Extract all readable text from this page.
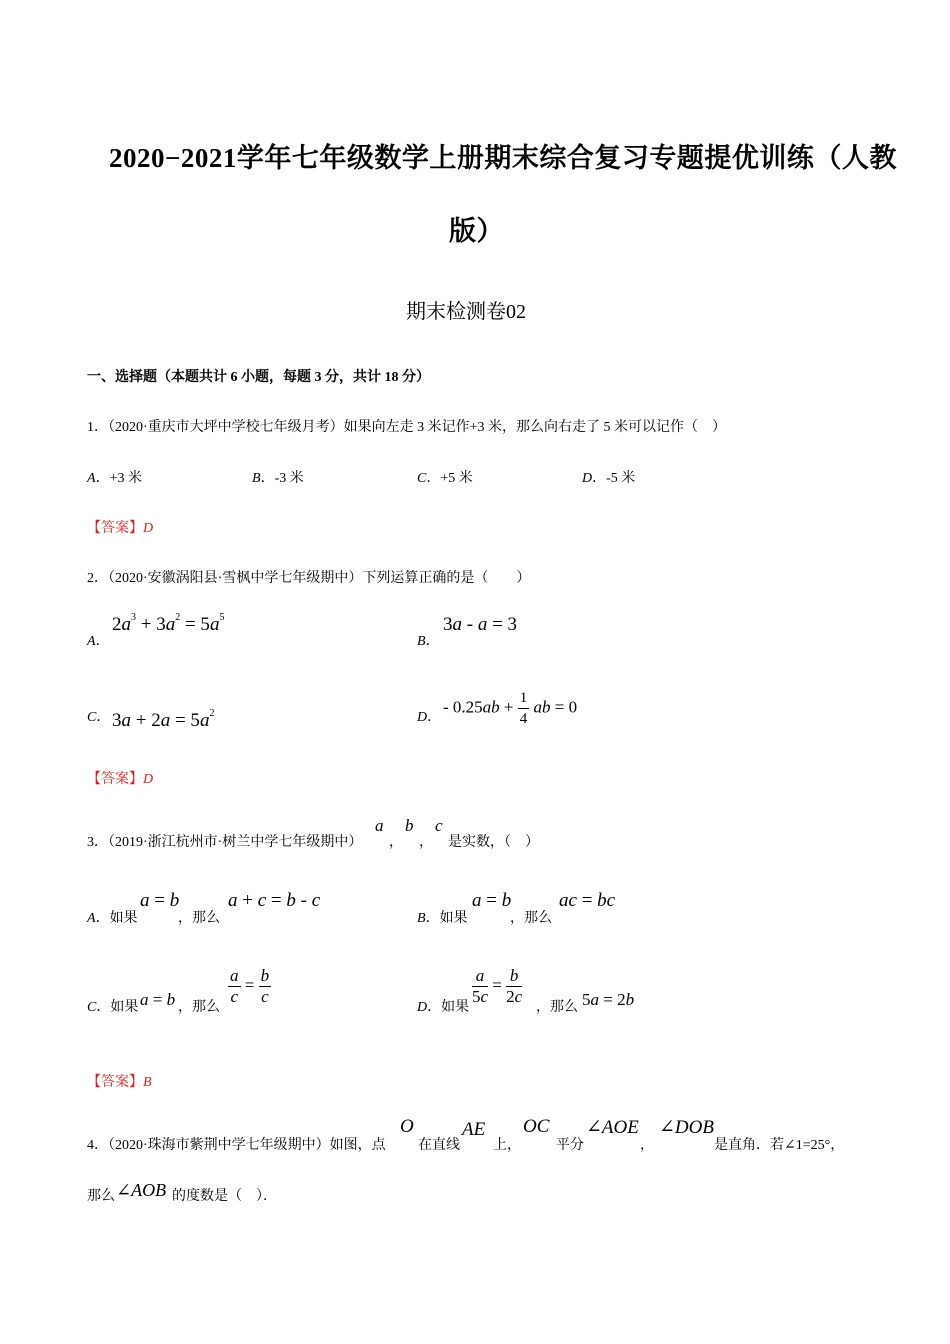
2020−2021学年七年级数学上册期末综合复习专题提优训练（人教
版）
期末检测卷02
一、选择题（本题共计 6 小题，每题 3 分，共计 18 分）
1．（2020·重庆市大坪中学校七年级月考）如果向左走 3 米记作+3 米，那么向右走了 5 米可以记作（　）
A．+3 米	B．-3 米	C．+5 米	D．-5 米
【答案】D
2．（2020·安徽涡阳县·雪枫中学七年级期中）下列运算正确的是（　　）
A．
$2a^3 + 3a^2 = 5a^5$
B．
3a - a = 3
C． $3a + 2a = 5a^2$	D．
- $0.25ab + \frac{1}{4}$ ab = 0
【答案】D
3．（2019·浙江杭州市·树兰中学七年级期中）
a
，
b
，
c
是实数，（　）
A．如果
a = b
，那么
a + c = b - c
B．如果
a = b
，那么
ac = bc
C．如果 a = b ，那么
$\frac{a}{c} = \frac{b}{c}$
D．如果
$\frac{a}{5c} = \frac{b}{2c}$
，那么 5a = 2b
【答案】B
4．（2020·珠海市紫荆中学七年级期中）如图，点
O
在直线
AE
上，
OC
平分
∠AOE
，
∠DOB
是直角．若∠1=25°，
那么 ∠AOB 的度数是（　）．
